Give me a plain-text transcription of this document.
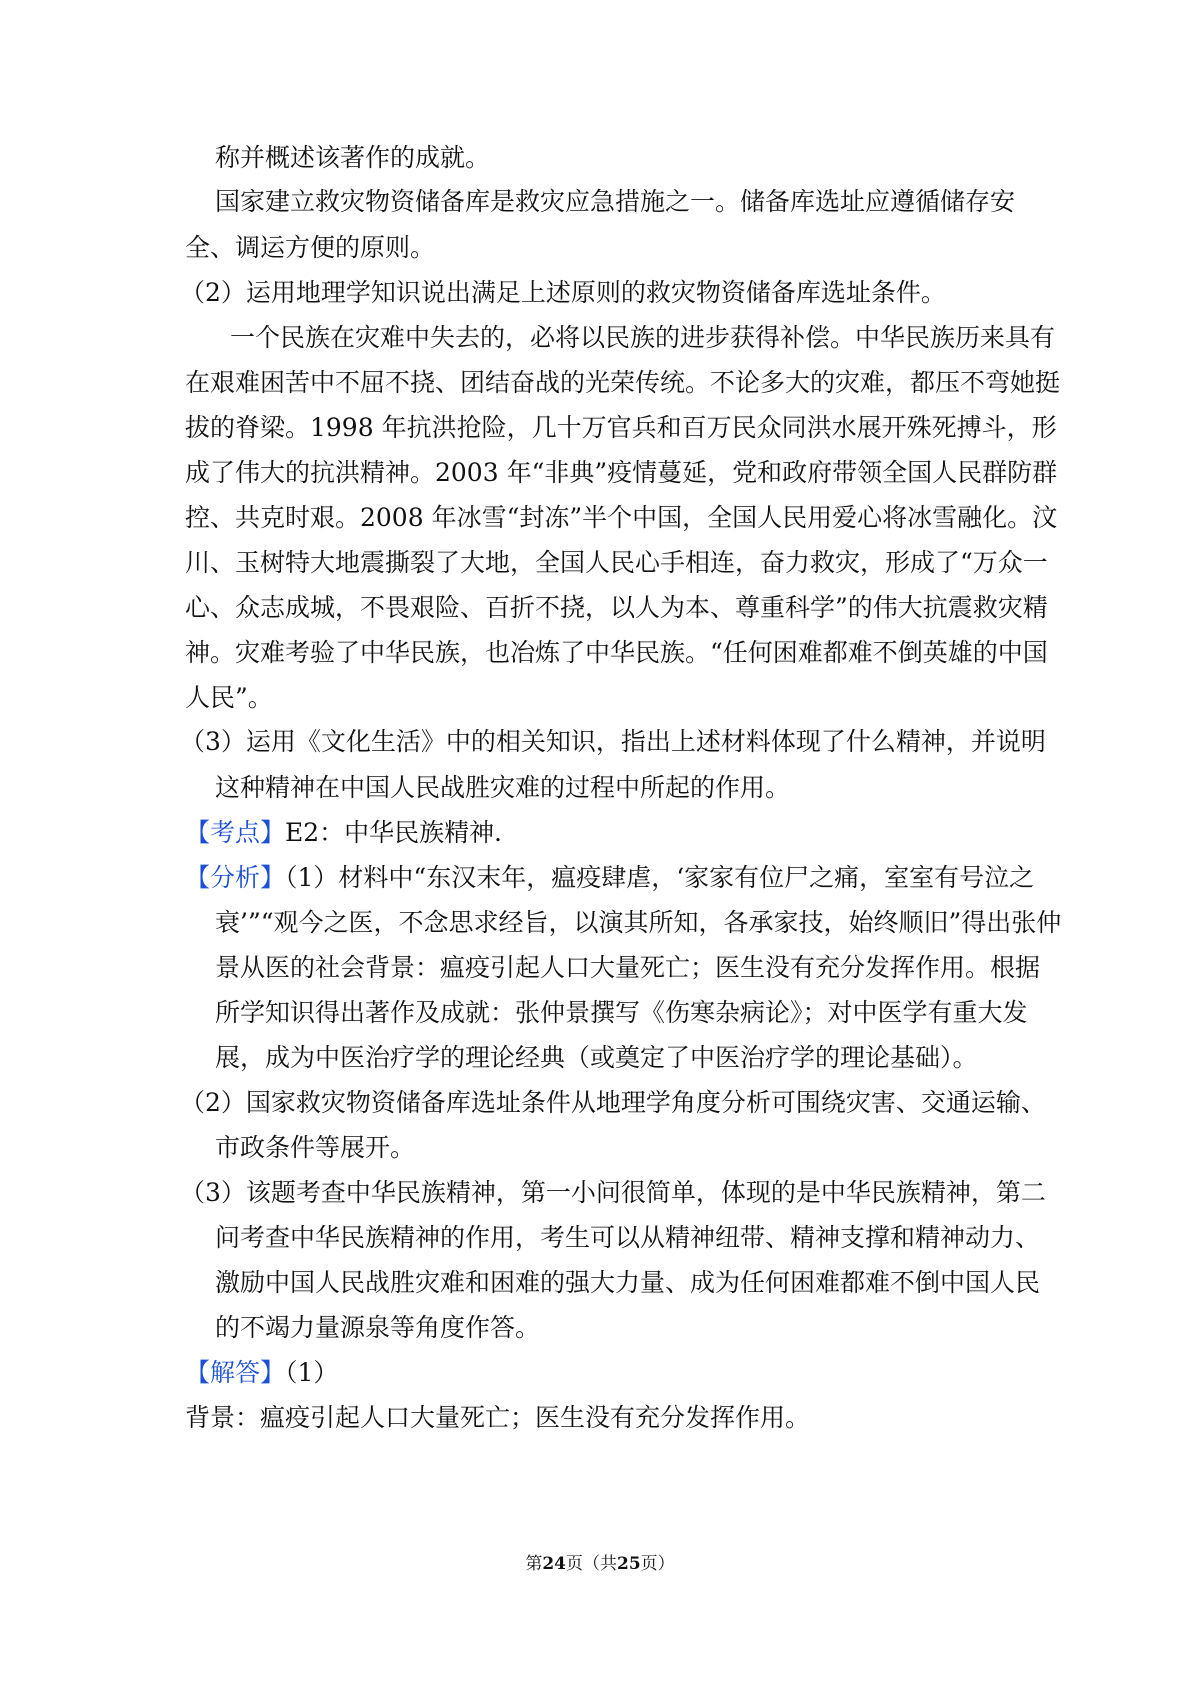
称并概述该著作的成就。
国家建立救灾物资储备库是救灾应急措施之一。储备库选址应遵循储存安
全、调运方便的原则。
（2）运用地理学知识说出满足上述原则的救灾物资储备库选址条件。
一个民族在灾难中失去的，必将以民族的进步获得补偿。中华民族历来具有
在艰难困苦中不屈不挠、团结奋战的光荣传统。不论多大的灾难，都压不弯她挺
拔的脊梁。1998 年抗洪抢险，几十万官兵和百万民众同洪水展开殊死搏斗，形
成了伟大的抗洪精神。2003 年“非典”疫情蔓延，党和政府带领全国人民群防群
控、共克时艰。2008 年冰雪“封冻”半个中国，全国人民用爱心将冰雪融化。汶
川、玉树特大地震撕裂了大地，全国人民心手相连，奋力救灾，形成了“万众一
心、众志成城，不畏艰险、百折不挠，以人为本、尊重科学”的伟大抗震救灾精
神。灾难考验了中华民族，也冶炼了中华民族。“任何困难都难不倒英雄的中国
人民”。
（3）运用《文化生活》中的相关知识，指出上述材料体现了什么精神，并说明
这种精神在中国人民战胜灾难的过程中所起的作用。
【考点】E2：中华民族精神．
【分析】（1）材料中“东汉末年，瘟疫肆虐，‘家家有位尸之痛，室室有号泣之
衰’”“观今之医，不念思求经旨，以演其所知，各承家技，始终顺旧”得出张仲
景从医的社会背景：瘟疫引起人口大量死亡；医生没有充分发挥作用。根据
所学知识得出著作及成就：张仲景撰写《伤寒杂病论》；对中医学有重大发
展，成为中医治疗学的理论经典（或奠定了中医治疗学的理论基础）。
（2）国家救灾物资储备库选址条件从地理学角度分析可围绕灾害、交通运输、
市政条件等展开。
（3）该题考查中华民族精神，第一小问很简单，体现的是中华民族精神，第二
问考查中华民族精神的作用，考生可以从精神纽带、精神支撑和精神动力、
激励中国人民战胜灾难和困难的强大力量、成为任何困难都难不倒中国人民
的不竭力量源泉等角度作答。
【解答】（1）
背景：瘟疫引起人口大量死亡；医生没有充分发挥作用。
第24页（共25页）
